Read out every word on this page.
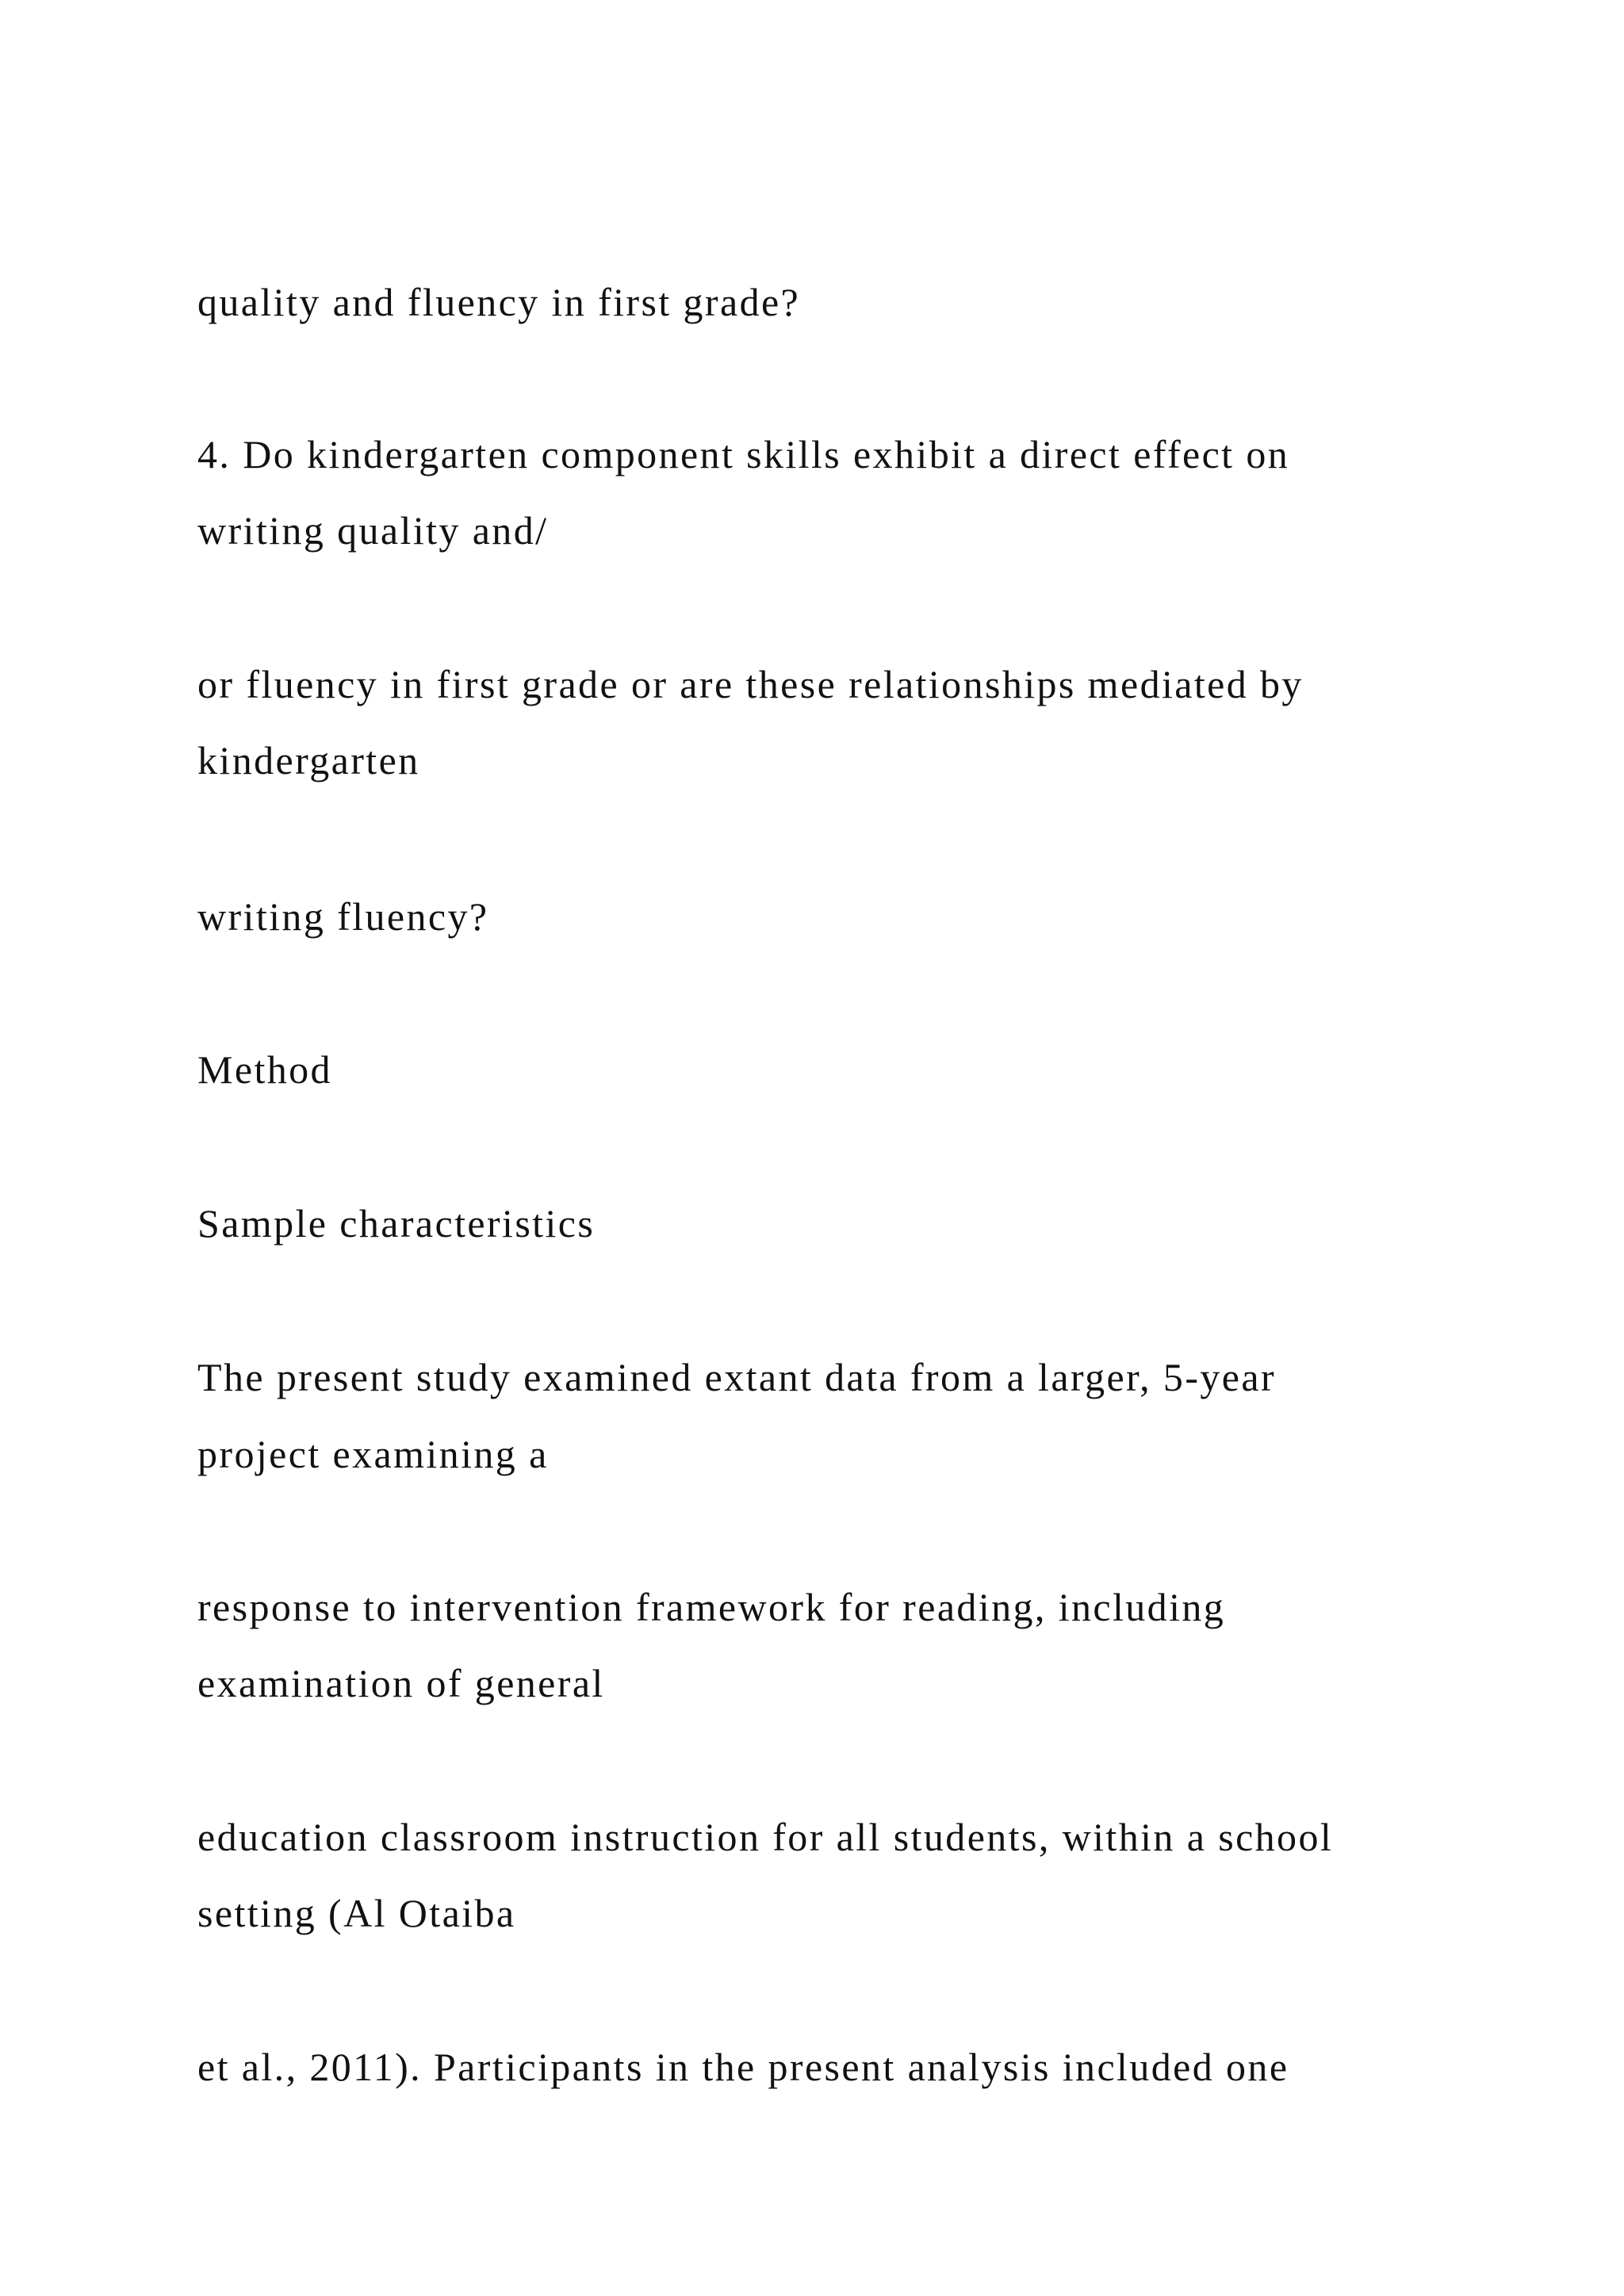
quality and fluency in first grade?
4. Do kindergarten component skills exhibit a direct effect on
writing quality and/
or fluency in first grade or are these relationships mediated by
kindergarten
writing fluency?
Method
Sample characteristics
The present study examined extant data from a larger, 5-year
project examining a
response to intervention framework for reading, including
examination of general
education classroom instruction for all students, within a school
setting (Al Otaiba
et al., 2011). Participants in the present analysis included one
